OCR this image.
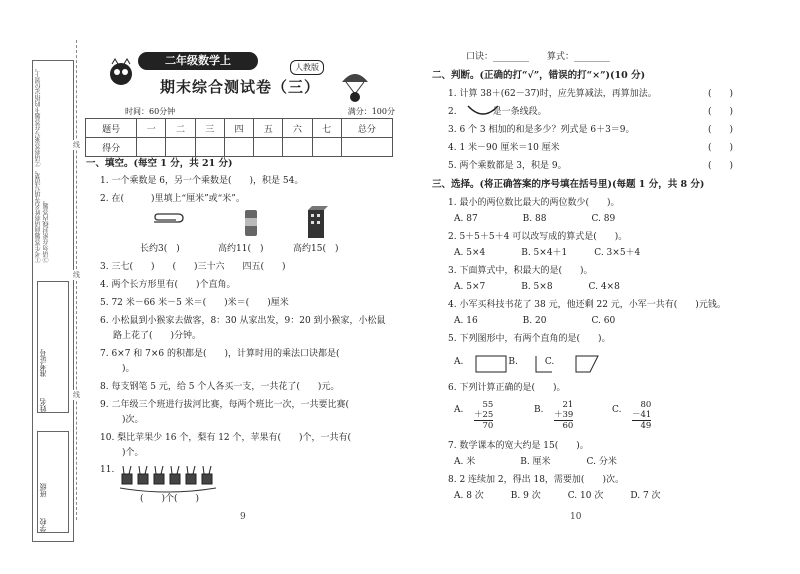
①考生答题前请将姓名等填写清楚。②请将答案写在答题卡的指定位置上。③请勿在密封线内答题。
姓名　　　准考证号
学校　　　班级
线
线
线
二年级数学上
人教版
期末综合测试卷（三）
时间：60分钟	满分：100分
题号	一	二	三	四	五	六	七	总分
得分								
一、填空。(每空 1 分，共 21 分)
1. 一个乘数是 6，另一个乘数是(　　)，积是 54。
2. 在(　　　)里填上“厘米”或“米”。
长约3(　)	高约11(　)	高约15(　)
3. 三七(　　)　　(　　)三十六　　四五(　　)
4. 两个长方形里有(　　)个直角。
5. 72 米－66 米－5 米＝(　　)米＝(　　)厘米
6. 小松鼠到小猴家去做客，8：30 从家出发，9：20 到小猴家，小松鼠
路上花了(　　)分钟。
7. 6×7 和 7×6 的积都是(　　)，计算时用的乘法口诀都是(　
　)。
8. 每支钢笔 5 元，给 5 个人各买一支，一共花了(　　)元。
9. 二年级三个班进行拔河比赛，每两个班比一次，一共要比赛(
　)次。
10. 梨比苹果少 16 个，梨有 12 个，苹果有(　　)个，一共有(
　)个。
11.
(　　)个(　　)
9
口诀：________　　算式：________
二、判断。(正确的打“√”，错误的打“×”)(10 分)
1. 计算 38＋(62－37)时，应先算减法，再算加法。	(　　)
2.　　　　是一条线段。	(　　)
3. 6 个 3 相加的和是多少？列式是 6＋3＝9。	(　　)
4. 1 米－90 厘米＝10 厘米	(　　)
5. 两个乘数都是 3，积是 9。	(　　)
三、选择。(将正确答案的序号填在括号里)(每题 1 分，共 8 分)
1. 最小的两位数比最大的两位数少(　　)。
A. 87　　　　　B. 88　　　　　C. 89
2. 5＋5＋5＋4 可以改写成的算式是(　　)。
A. 5×4　　　　B. 5×4＋1　　　C. 3×5＋4
3. 下面算式中，积最大的是(　　)。
A. 5×7　　　　B. 5×8　　　　C. 4×8
4. 小军买科技书花了 38 元，他还剩 22 元，小军一共有(　　)元钱。
A. 16　　　　　B. 20　　　　　C. 60
5. 下列图形中，有两个直角的是(　　)。
A.　　　　　B.　　　C.
6. 下列计算正确的是(　　)。
A.	55
＋25
70
B.	21
＋39
60
C.	80
－41
49
7. 数学课本的宽大约是 15(　　)。
A. 米　　　　　B. 厘米　　　　C. 分米
8. 2 连续加 2，得出 18，需要加(　　)次。
A. 8 次　　　B. 9 次　　　C. 10 次　　　D. 7 次
10
